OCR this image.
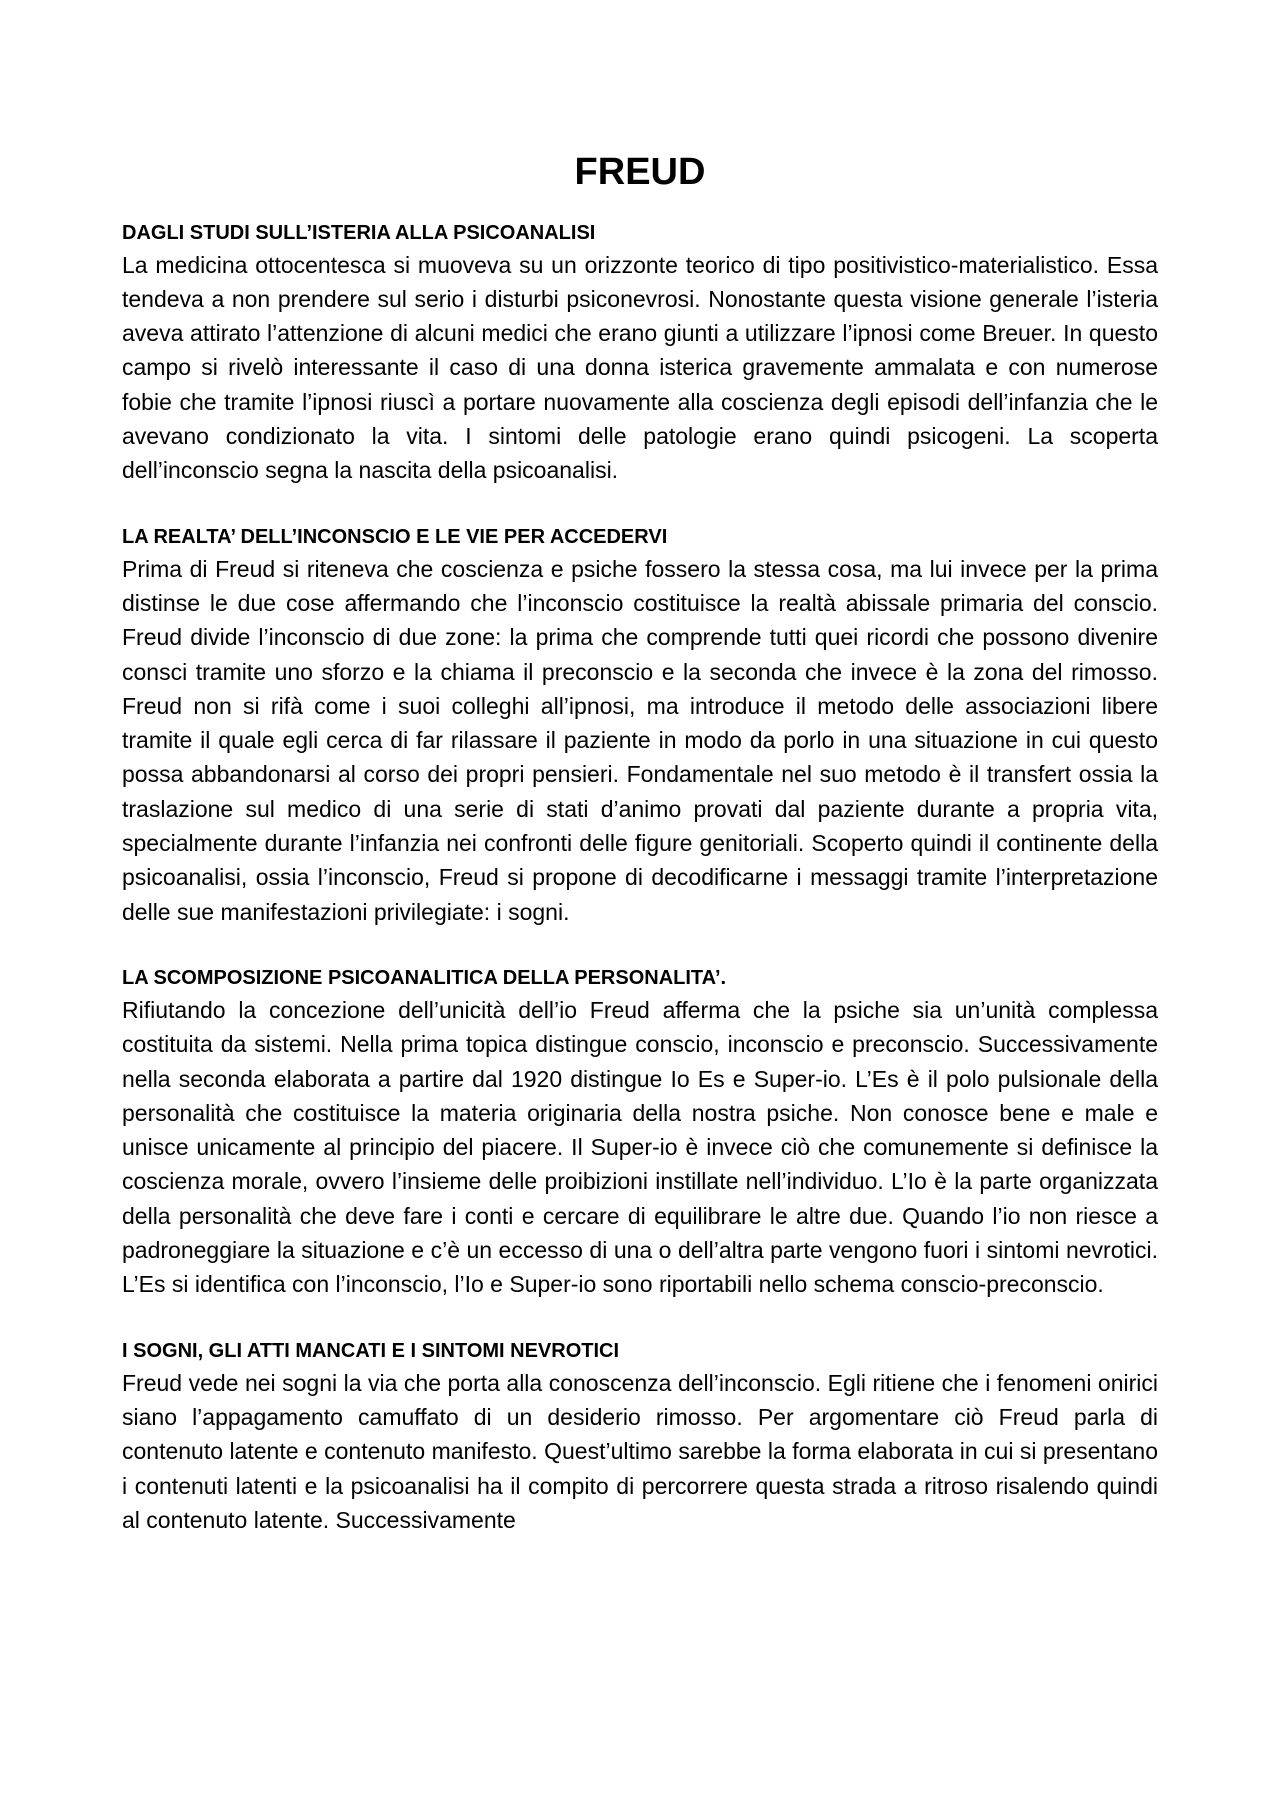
FREUD
DAGLI STUDI SULL’ISTERIA ALLA PSICOANALISI

La medicina ottocentesca si muoveva su un orizzonte teorico di tipo positivistico-materialistico. Essa tendeva a non prendere sul serio i disturbi psiconevrosi. Nonostante questa visione generale l’isteria aveva attirato l’attenzione di alcuni medici che erano giunti a utilizzare l’ipnosi come Breuer. In questo campo si rivelò interessante il caso di una donna isterica gravemente ammalata e con numerose fobie che tramite l’ipnosi riuscì a portare nuovamente alla coscienza degli episodi dell’infanzia che le avevano condizionato la vita. I sintomi delle patologie erano quindi psicogeni. La scoperta dell’inconscio segna la nascita della psicoanalisi.

LA REALTA’ DELL’INCONSCIO E LE VIE PER ACCEDERVI

Prima di Freud si riteneva che coscienza e psiche fossero la stessa cosa, ma lui invece per la prima distinse le due cose affermando che l’inconscio costituisce la realtà abissale primaria del conscio. Freud divide l’inconscio di due zone: la prima che comprende tutti quei ricordi che possono divenire consci tramite uno sforzo e la chiama il preconscio e la seconda che invece è la zona del rimosso. Freud non si rifà come i suoi colleghi all’ipnosi, ma introduce il metodo delle associazioni libere tramite il quale egli cerca di far rilassare il paziente in modo da porlo in una situazione in cui questo possa abbandonarsi al corso dei propri pensieri. Fondamentale nel suo metodo è il transfert ossia la traslazione sul medico di una serie di stati d’animo provati dal paziente durante a propria vita, specialmente durante l’infanzia nei confronti delle figure genitoriali. Scoperto quindi il continente della psicoanalisi, ossia l’inconscio, Freud si propone di decodificarne i messaggi tramite l’interpretazione delle sue manifestazioni privilegiate: i sogni.

LA SCOMPOSIZIONE PSICOANALITICA DELLA PERSONALITA’.

Rifiutando la concezione dell’unicità dell’io Freud afferma che la psiche sia un’unità complessa costituita da sistemi. Nella prima topica distingue conscio, inconscio e preconscio. Successivamente nella seconda elaborata a partire dal 1920 distingue Io Es e Super-io. L’Es è il polo pulsionale della personalità che costituisce la materia originaria della nostra psiche. Non conosce bene e male e unisce unicamente al principio del piacere. Il Super-io è invece ciò che comunemente si definisce la coscienza morale, ovvero l’insieme delle proibizioni instillate nell’individuo. L’Io è la parte organizzata della personalità che deve fare i conti e cercare di equilibrare le altre due. Quando l’io non riesce a padroneggiare la situazione e c’è un eccesso di una o dell’altra parte vengono fuori i sintomi nevrotici. L’Es si identifica con l’inconscio, l’Io e Super-io sono riportabili nello schema conscio-preconscio.

I SOGNI, GLI ATTI MANCATI E I SINTOMI NEVROTICI

Freud vede nei sogni la via che porta alla conoscenza dell’inconscio. Egli ritiene che i fenomeni onirici siano l’appagamento camuffato di un desiderio rimosso. Per argomentare ciò Freud parla di contenuto latente e contenuto manifesto. Quest’ultimo sarebbe la forma elaborata in cui si presentano i contenuti latenti e la psicoanalisi ha il compito di percorrere questa strada a ritroso risalendo quindi al contenuto latente. Successivamente
